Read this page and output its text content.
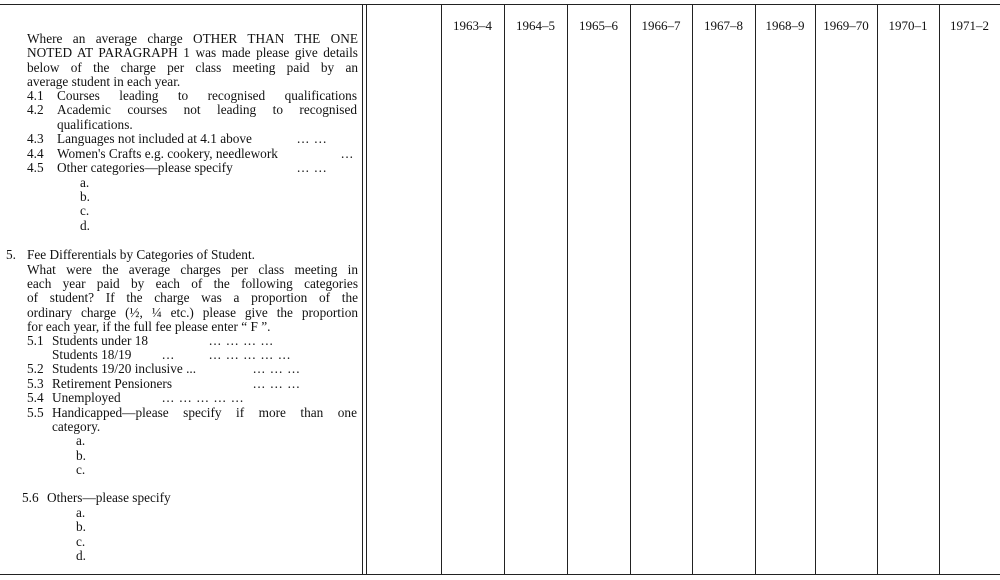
1963–4	1964–5	1965–6	1966–7	1967–8	1968–9	1969–70	1970–1	1971–2
Where an average charge OTHER THAN THE ONE
NOTED AT PARAGRAPH 1 was made please give details
below of the charge per class meeting paid by an
average student in each year.
4.1 Courses leading to recognised qualifications
4.2 Academic courses not leading to recognised
qualifications.
4.3 Languages not included at 4.1 above	... ...
4.4 Women's Crafts e.g. cookery, needlework	...
4.5 Other categories—please specify	... ...
a.
b.
c.
d.
5. Fee Differentials by Categories of Student.
What were the average charges per class meeting in
each year paid by each of the following categories
of student? If the charge was a proportion of the
ordinary charge (½, ¼ etc.) please give the proportion
for each year, if the full fee please enter “ F ”.
5.1 Students under 18	... ... ... ...
Students 18/19 ...	... ... ... ... ...
5.2 Students 19/20 inclusive ...	... ... ...
5.3 Retirement Pensioners	... ... ...
5.4 Unemployed	... ... ... ... ...
5.5 Handicapped—please specify if more than one
category.
a.
b.
c.
5.6 Others—please specify
a.
b.
c.
d.
